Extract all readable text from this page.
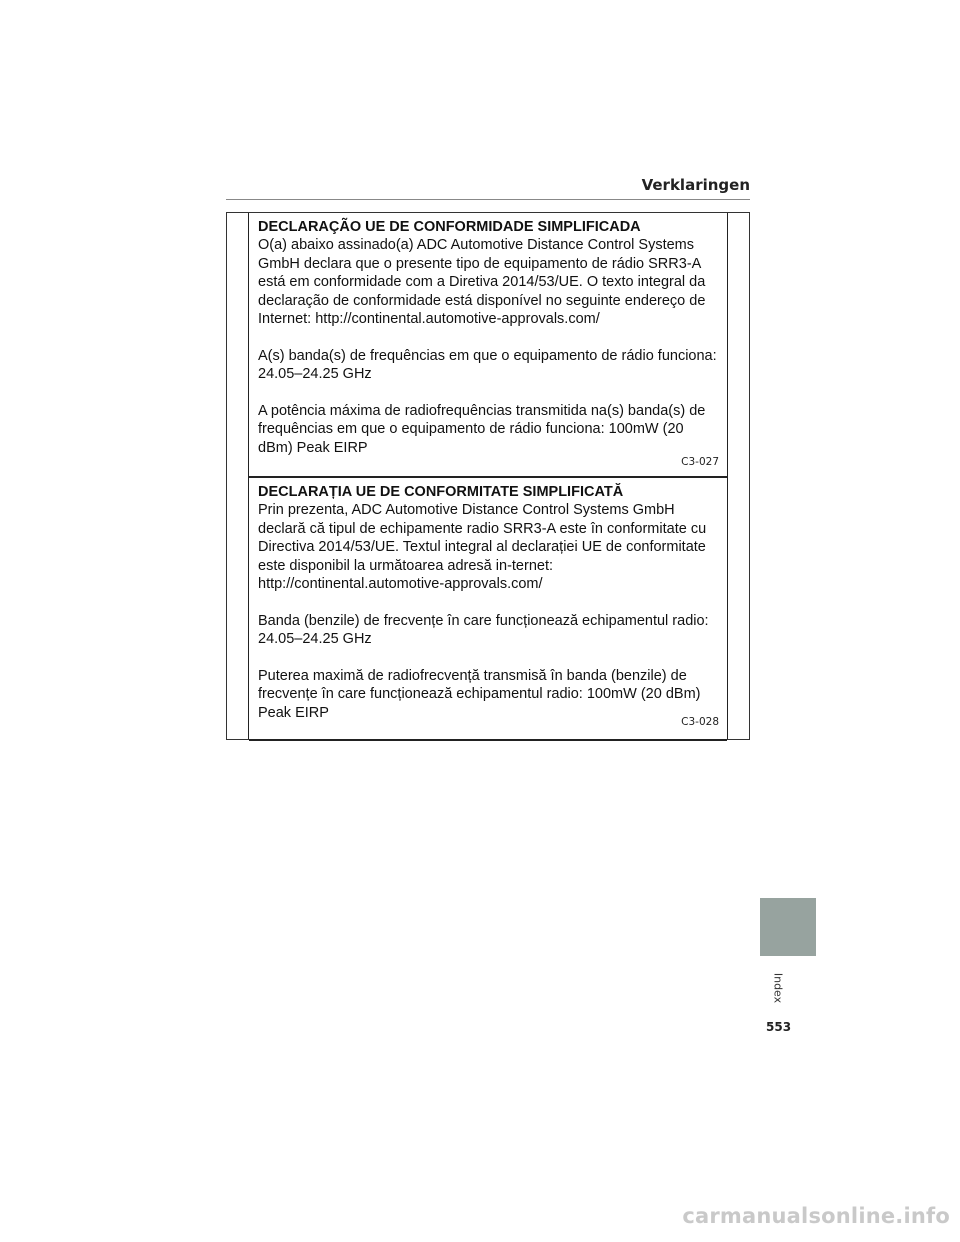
Verklaringen
DECLARAÇÃO UE DE CONFORMIDADE SIMPLIFICADA

O(a) abaixo assinado(a) ADC Automotive Distance Control Systems GmbH declara que o presente tipo de equipamento de rádio SRR3-A está em conformidade com a Diretiva 2014/53/UE. O texto integral da declaração de conformidade está disponível no seguinte endereço de Internet: http://continental.automotive-approvals.com/

A(s) banda(s) de frequências em que o equipamento de rádio funciona: 24.05–24.25 GHz

A potência máxima de radiofrequências transmitida na(s) banda(s) de frequências em que o equipamento de rádio funciona: 100mW (20 dBm) Peak EIRP

C3-027
DECLARAȚIA UE DE CONFORMITATE SIMPLIFICATĂ

Prin prezenta, ADC Automotive Distance Control Systems GmbH declară că tipul de echipamente radio SRR3-A este în conformitate cu Directiva 2014/53/UE. Textul integral al declarației UE de conformitate este disponibil la următoarea adresă in-ternet: http://continental.automotive-approvals.com/

Banda (benzile) de frecvențe în care funcționează echipamentul radio: 24.05–24.25 GHz

Puterea maximă de radiofrecvență transmisă în banda (benzile) de frecvențe în care funcționează echipamentul radio: 100mW (20 dBm) Peak EIRP

C3-028
Index
553
carmanualsonline.info
